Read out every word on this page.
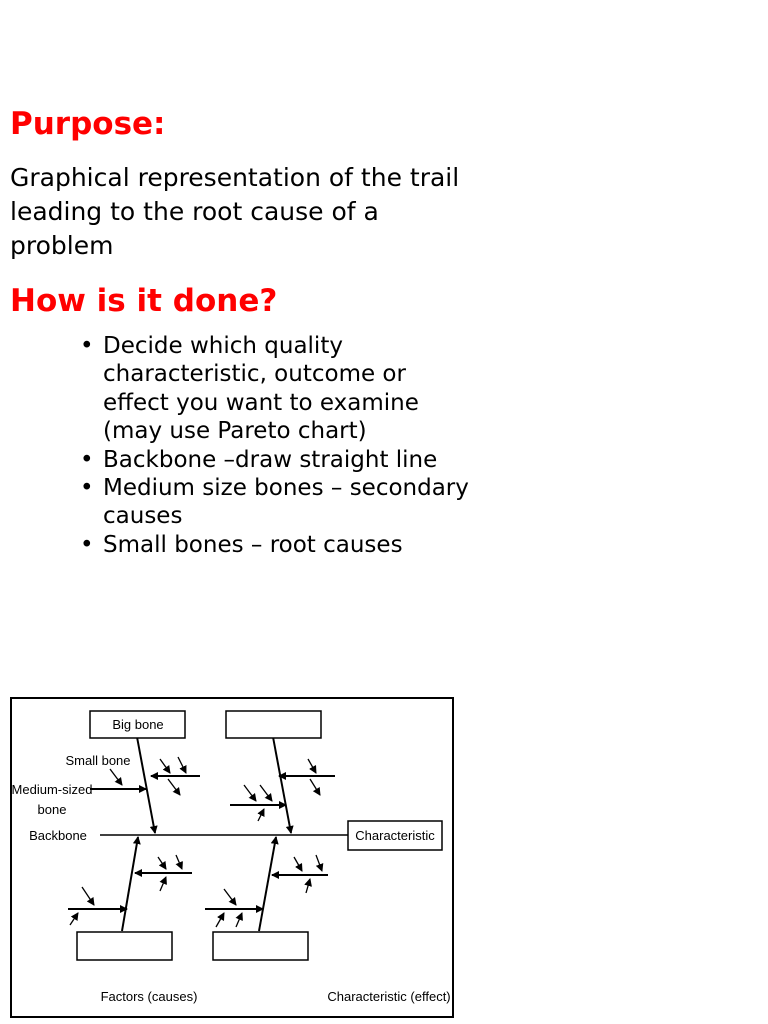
Purpose:

Graphical representation of the trail leading to the root cause of a problem

How is it done?
• Decide which quality characteristic, outcome or effect you want to examine (may use Pareto chart)
• Backbone –draw straight line
• Medium size bones – secondary causes
• Small bones – root causes
Big bone
Characteristic
Small bone
Medium-sized
bone
Backbone
Factors (causes)	Characteristic (effect)
